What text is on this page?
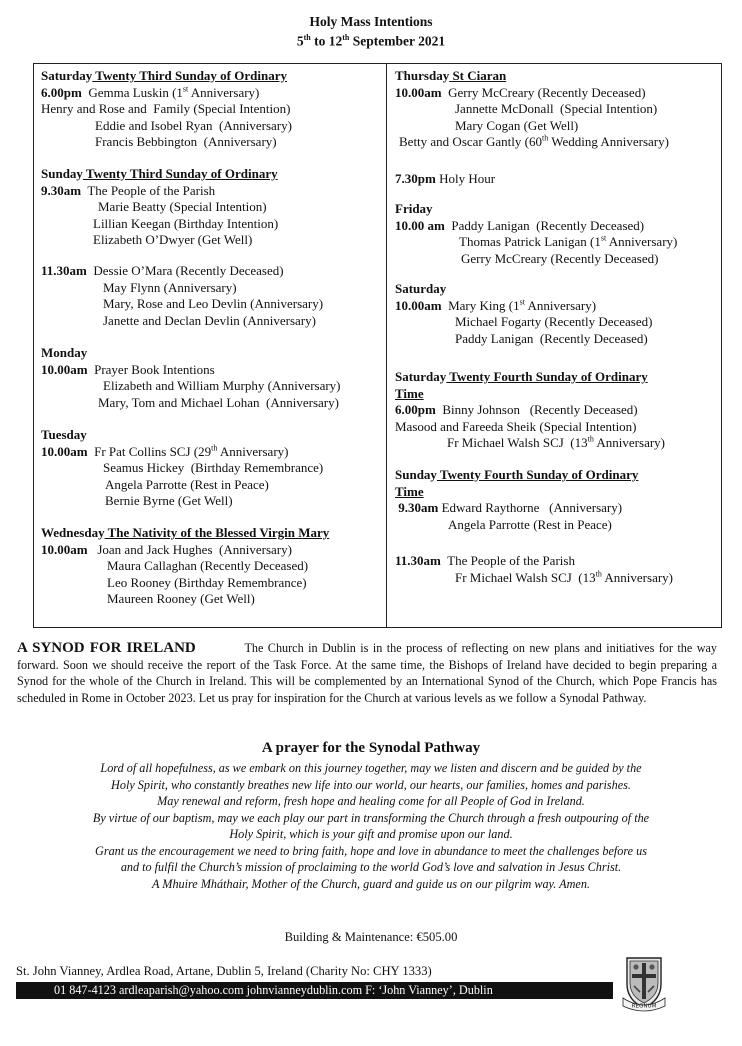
Holy Mass Intentions
5th to 12th September 2021
Saturday Twenty Third Sunday of Ordinary
6.00pm  Gemma Luskin (1st Anniversary)
Henry and Rose and  Family (Special Intention)
Eddie and Isobel Ryan  (Anniversary)
Francis Bebbington  (Anniversary)
Sunday Twenty Third Sunday of Ordinary
9.30am  The People of the Parish
Marie Beatty (Special Intention)
Lillian Keegan (Birthday Intention)
Elizabeth O’Dwyer (Get Well)
11.30am  Dessie O’Mara (Recently Deceased)
May Flynn (Anniversary)
Mary, Rose and Leo Devlin (Anniversary)
Janette and Declan Devlin (Anniversary)
Monday
10.00am  Prayer Book Intentions
Elizabeth and William Murphy (Anniversary)
Mary, Tom and Michael Lohan  (Anniversary)
Tuesday
10.00am  Fr Pat Collins SCJ (29th Anniversary)
Seamus Hickey  (Birthday Remembrance)
Angela Parrotte (Rest in Peace)
Bernie Byrne (Get Well)
Wednesday The Nativity of the Blessed Virgin Mary
10.00am   Joan and Jack Hughes  (Anniversary)
Maura Callaghan (Recently Deceased)
Leo Rooney (Birthday Remembrance)
Maureen Rooney (Get Well)
Thursday St Ciaran
10.00am  Gerry McCreary (Recently Deceased)
Jannette McDonall  (Special Intention)
Mary Cogan (Get Well)
Betty and Oscar Gantly (60th Wedding Anniversary)
7.30pm Holy Hour
Friday
10.00 am  Paddy Lanigan  (Recently Deceased)
Thomas Patrick Lanigan (1st Anniversary)
Gerry McCreary (Recently Deceased)
Saturday
10.00am  Mary King (1st Anniversary)
Michael Fogarty (Recently Deceased)
Paddy Lanigan  (Recently Deceased)
Saturday Twenty Fourth Sunday of Ordinary
Time
6.00pm  Binny Johnson   (Recently Deceased)
Masood and Fareeda Sheik (Special Intention)
Fr Michael Walsh SCJ  (13th Anniversary)
Sunday Twenty Fourth Sunday of Ordinary
Time
9.30am Edward Raythorne   (Anniversary)
Angela Parrotte (Rest in Peace)
11.30am  The People of the Parish
Fr Michael Walsh SCJ  (13th Anniversary)
A SYNOD FOR IRELAND	The Church in Dublin is in the process of reflecting on new plans and initiatives for the way forward. Soon we should receive the report of the Task Force. At the same time, the Bishops of Ireland have decided to begin preparing a Synod for the whole of the Church in Ireland. This will be complemented by an International Synod of the Church, which Pope Francis has scheduled in Rome in October 2023. Let us pray for inspiration for the Church at various levels as we follow a Synodal Pathway.
A prayer for the Synodal Pathway
Lord of all hopefulness, as we embark on this journey together, may we listen and discern and be guided by the
Holy Spirit, who constantly breathes new life into our world, our hearts, our families, homes and parishes.
May renewal and reform, fresh hope and healing come for all People of God in Ireland.
By virtue of our baptism, may we each play our part in transforming the Church through a fresh outpouring of the
Holy Spirit, which is your gift and promise upon our land.
Grant us the encouragement we need to bring faith, hope and love in abundance to meet the challenges before us
and to fulfil the Church’s mission of proclaiming to the world God’s love and salvation in Jesus Christ.
A Mhuire Mháthair, Mother of the Church, guard and guide us on our pilgrim way. Amen.
Building & Maintenance: €505.00
St. John Vianney, Ardlea Road, Artane, Dublin 5, Ireland (Charity No: CHY 1333)
01 847-4123 ardleaparish@yahoo.com johnvianneydublin.com F: ‘John Vianney’, Dublin
REGNUM
